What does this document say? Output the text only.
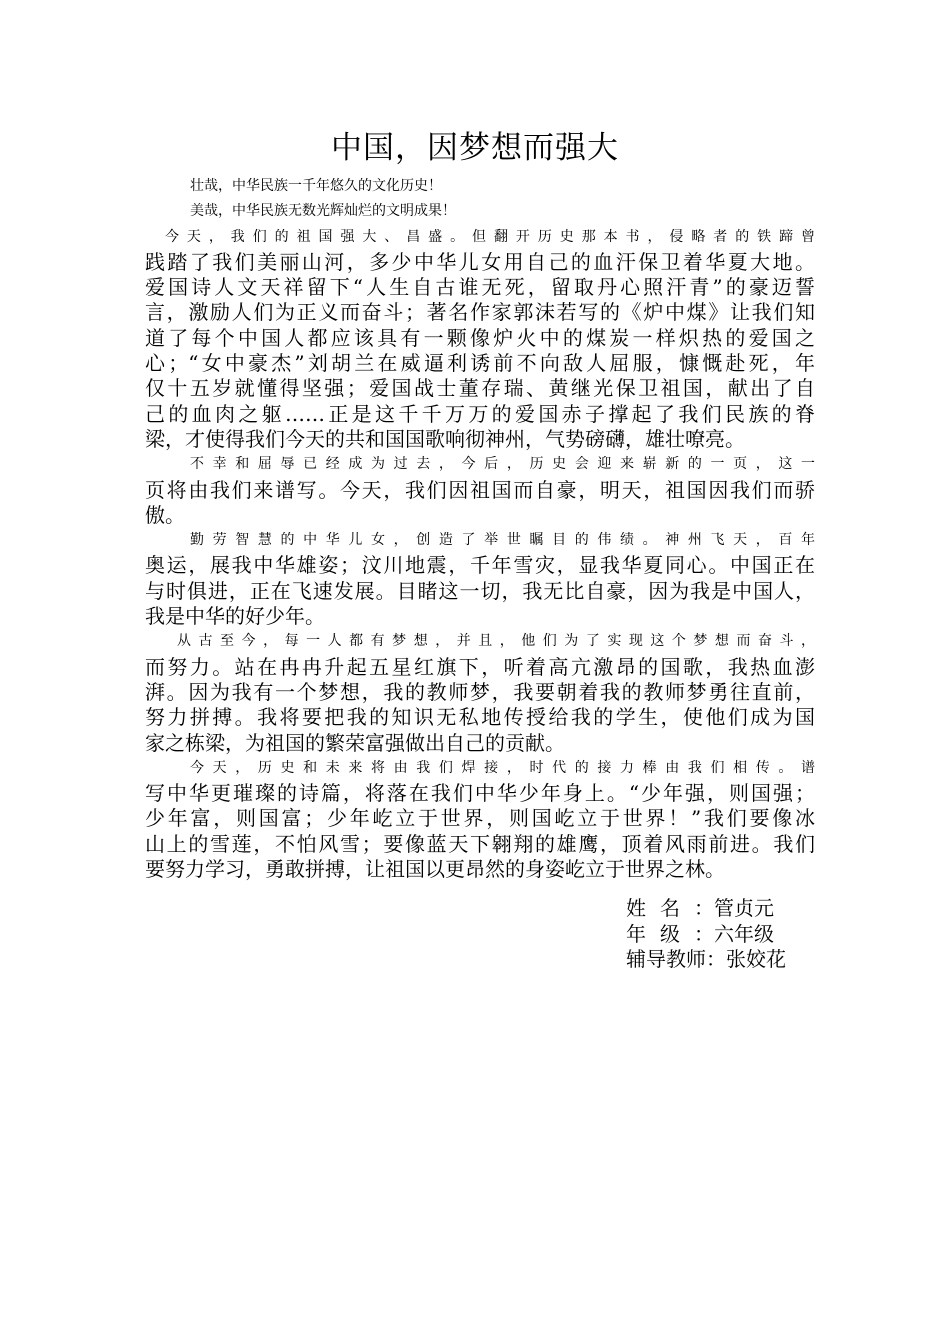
中国，因梦想而强大
壮哉，中华民族一千年悠久的文化历史！
美哉，中华民族无数光辉灿烂的文明成果！
今天，我们的祖国强大、昌盛。但翻开历史那本书，侵略者的铁蹄曾
践踏了我们美丽山河，多少中华儿女用自己的血汗保卫着华夏大地。
爱国诗人文天祥留下“人生自古谁无死，留取丹心照汗青”的豪迈誓
言，激励人们为正义而奋斗；著名作家郭沫若写的《炉中煤》让我们知
道了每个中国人都应该具有一颗像炉火中的煤炭一样炽热的爱国之
心；“女中豪杰”刘胡兰在威逼利诱前不向敌人屈服，慷慨赴死，年
仅十五岁就懂得坚强；爱国战士董存瑞、黄继光保卫祖国，献出了自
己的血肉之躯……正是这千千万万的爱国赤子撑起了我们民族的脊
梁，才使得我们今天的共和国国歌响彻神州，气势磅礴，雄壮嘹亮。
不幸和屈辱已经成为过去，今后，历史会迎来崭新的一页，这一
页将由我们来谱写。今天，我们因祖国而自豪，明天，祖国因我们而骄
傲。
勤劳智慧的中华儿女，创造了举世瞩目的伟绩。神州飞天，百年
奥运，展我中华雄姿；汶川地震，千年雪灾，显我华夏同心。中国正在
与时俱进，正在飞速发展。目睹这一切，我无比自豪，因为我是中国人，
我是中华的好少年。
从古至今，每一人都有梦想，并且，他们为了实现这个梦想而奋斗，
而努力。站在冉冉升起五星红旗下，听着高亢激昂的国歌，我热血澎
湃。因为我有一个梦想，我的教师梦，我要朝着我的教师梦勇往直前，
努力拼搏。我将要把我的知识无私地传授给我的学生，使他们成为国
家之栋梁，为祖国的繁荣富强做出自己的贡献。
今天，历史和未来将由我们焊接，时代的接力棒由我们相传。谱
写中华更璀璨的诗篇，将落在我们中华少年身上。“少年强，则国强；
少年富，则国富；少年屹立于世界，则国屹立于世界！”我们要像冰
山上的雪莲，不怕风雪；要像蓝天下翱翔的雄鹰，顶着风雨前进。我们
要努力学习，勇敢拼搏，让祖国以更昂然的身姿屹立于世界之林。
姓名：管贞元
年级：六年级
辅导教师：张姣花
